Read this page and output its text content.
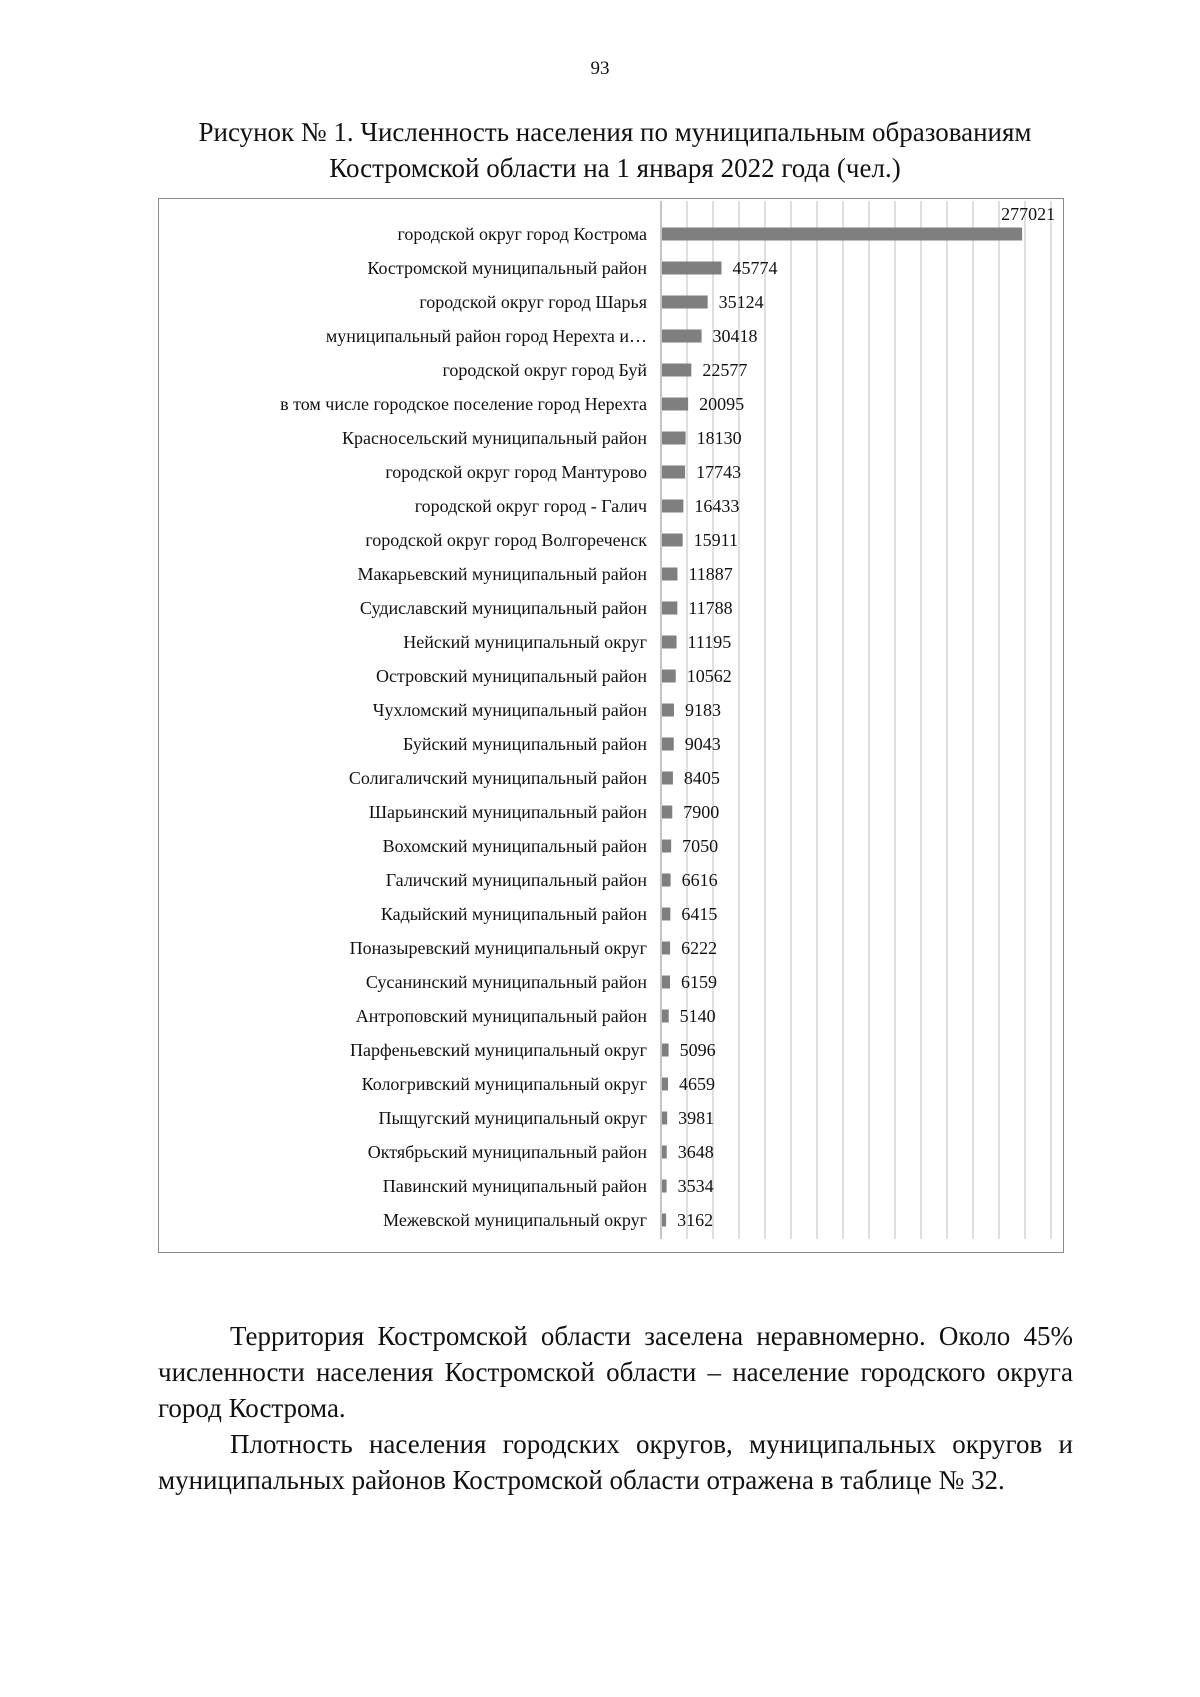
93
Рисунок № 1. Численность населения по муниципальным образованиям
Костромской области на 1 января 2022 года (чел.)
городской округ город Кострома
277021
Костромской муниципальный район	45774
городской округ город Шарья	35124
муниципальный район город Нерехта и…	30418
городской округ город Буй	22577
в том числе городское поселение город Нерехта	20095
Красносельский муниципальный район	18130
городской округ город Мантурово	17743
городской округ город - Галич	16433
городской округ город Волгореченск	15911
Макарьевский муниципальный район 11887
Судиславский муниципальный район 11788
Нейский муниципальный округ 11195
Островский муниципальный район 10562
Чухломский муниципальный район 9183
Буйский муниципальный район 9043
Солигаличский муниципальный район 8405
Шарьинский муниципальный район 7900
Вохомский муниципальный район 7050
Галичский муниципальный район 6616
Кадыйский муниципальный район 6415
Поназыревский муниципальный округ 6222
Сусанинский муниципальный район 6159
Антроповский муниципальный район 5140
Парфеньевский муниципальный округ 5096
Кологривский муниципальный округ 4659
Пыщугский муниципальный округ 3981
Октябрьский муниципальный район 3648
Павинский муниципальный район 3534
Межевской муниципальный округ 3162

Территория Костромской области заселена неравномерно. Около 45% численности населения Костромской области – население городского округа город Кострома.

Плотность населения городских округов, муниципальных округов и муниципальных районов Костромской области отражена в таблице № 32.
